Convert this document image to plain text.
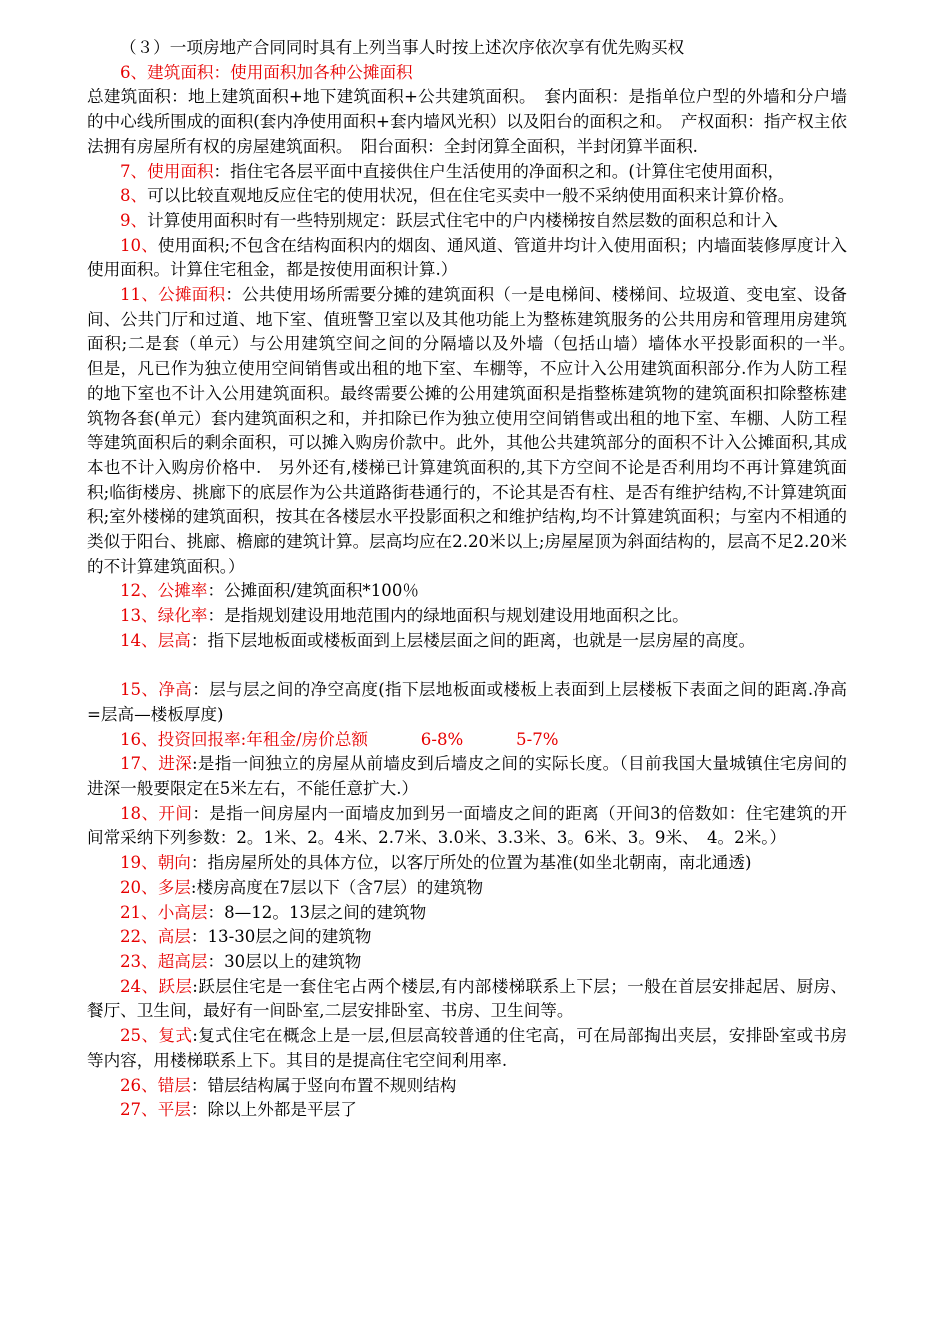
（３）一项房地产合同同时具有上列当事人时按上述次序依次享有优先购买权

6、建筑面积：使用面积加各种公摊面积

总建筑面积：地上建筑面积+地下建筑面积+公共建筑面积。　套内面积：是指单位户型的外墙和分户墙的中心线所围成的面积(套内净使用面积+套内墙风光积）以及阳台的面积之和。　产权面积：指产权主依法拥有房屋所有权的房屋建筑面积。　阳台面积：全封闭算全面积，半封闭算半面积.

7、使用面积：指住宅各层平面中直接供住户生活使用的净面积之和。(计算住宅使用面积，

8、可以比较直观地反应住宅的使用状况，但在住宅买卖中一般不采纳使用面积来计算价格。

9、计算使用面积时有一些特别规定：跃层式住宅中的户内楼梯按自然层数的面积总和计入

10、使用面积;不包含在结构面积内的烟囱、通风道、管道井均计入使用面积；内墙面装修厚度计入使用面积。计算住宅租金，都是按使用面积计算.）

11、公摊面积：公共使用场所需要分摊的建筑面积（一是电梯间、楼梯间、垃圾道、变电室、设备间、公共门厅和过道、地下室、值班警卫室以及其他功能上为整栋建筑服务的公共用房和管理用房建筑面积;二是套（单元）与公用建筑空间之间的分隔墙以及外墙（包括山墙）墙体水平投影面积的一半。　但是，凡已作为独立使用空间销售或出租的地下室、车棚等，不应计入公用建筑面积部分.作为人防工程的地下室也不计入公用建筑面积。最终需要公摊的公用建筑面积是指整栋建筑物的建筑面积扣除整栋建筑物各套(单元）套内建筑面积之和，并扣除已作为独立使用空间销售或出租的地下室、车棚、人防工程等建筑面积后的剩余面积，可以摊入购房价款中。此外，其他公共建筑部分的面积不计入公摊面积,其成本也不计入购房价格中.　另外还有,楼梯已计算建筑面积的,其下方空间不论是否利用均不再计算建筑面积;临街楼房、挑廊下的底层作为公共道路街巷通行的，不论其是否有柱、是否有维护结构,不计算建筑面积;室外楼梯的建筑面积，按其在各楼层水平投影面积之和维护结构,均不计算建筑面积；与室内不相通的类似于阳台、挑廊、檐廊的建筑计算。层高均应在2.20米以上;房屋屋顶为斜面结构的，层高不足2.20米的不计算建筑面积。）

12、公摊率：公摊面积/建筑面积*100％

13、绿化率：是指规划建设用地范围内的绿地面积与规划建设用地面积之比。

14、层高：指下层地板面或楼板面到上层楼层面之间的距离，也就是一层房屋的高度。

15、净高：层与层之间的净空高度(指下层地板面或楼板上表面到上层楼板下表面之间的距离.净高=层高—楼板厚度)

16、投资回报率:年租金/房价总额	6-8%	5-7%

17、进深:是指一间独立的房屋从前墙皮到后墙皮之间的实际长度。（目前我国大量城镇住宅房间的进深一般要限定在5米左右，不能任意扩大.）

18、开间：是指一间房屋内一面墙皮加到另一面墙皮之间的距离（开间3的倍数如：住宅建筑的开间常采纳下列参数：2。1米、2。4米、2.7米、3.0米、3.3米、3。6米、3。9米、　4。2米。）

19、朝向：指房屋所处的具体方位，以客厅所处的位置为基准(如坐北朝南，南北通透)

20、多层:楼房高度在7层以下（含7层）的建筑物

21、小高层：8—12。13层之间的建筑物

22、高层：13-30层之间的建筑物

23、超高层：30层以上的建筑物

24、跃层:跃层住宅是一套住宅占两个楼层,有内部楼梯联系上下层；一般在首层安排起居、厨房、餐厅、卫生间，最好有一间卧室,二层安排卧室、书房、卫生间等。

25、复式:复式住宅在概念上是一层,但层高较普通的住宅高，可在局部掏出夹层，安排卧室或书房等内容，用楼梯联系上下。其目的是提高住宅空间利用率.

26、错层：错层结构属于竖向布置不规则结构

27、平层：除以上外都是平层了
